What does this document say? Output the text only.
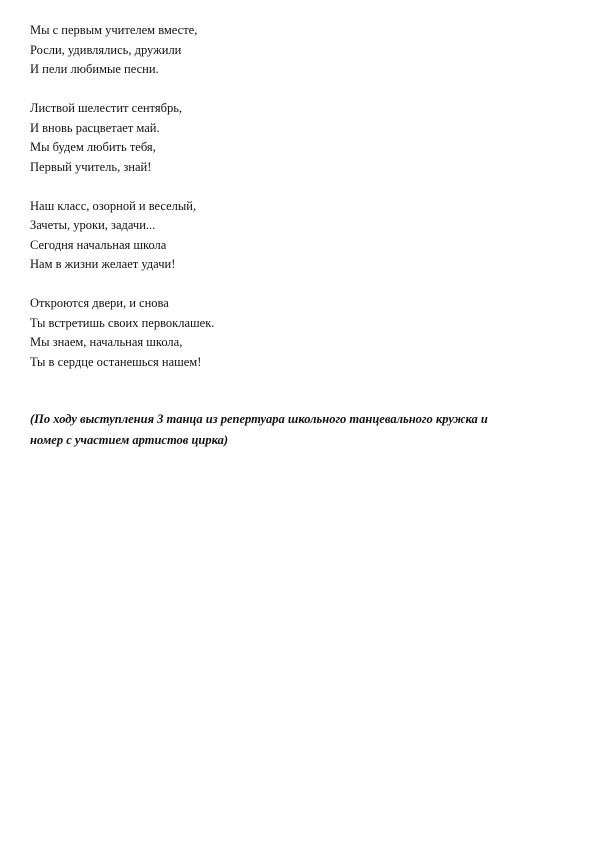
Мы с первым учителем вместе,
Росли, удивлялись, дружили
И пели любимые песни.
Листвой шелестит сентябрь,
И вновь расцветает май.
Мы будем любить тебя,
Первый учитель, знай!
Наш класс, озорной и веселый,
Зачеты, уроки, задачи...
Сегодня начальная школа
Нам в жизни желает удачи!
Откроются двери, и снова
Ты встретишь своих первоклашек.
Мы знаем, начальная школа,
Ты в сердце останешься нашем!
(По ходу выступления 3 танца из репертуара школьного танцевального кружка и
номер с участием артистов цирка)
